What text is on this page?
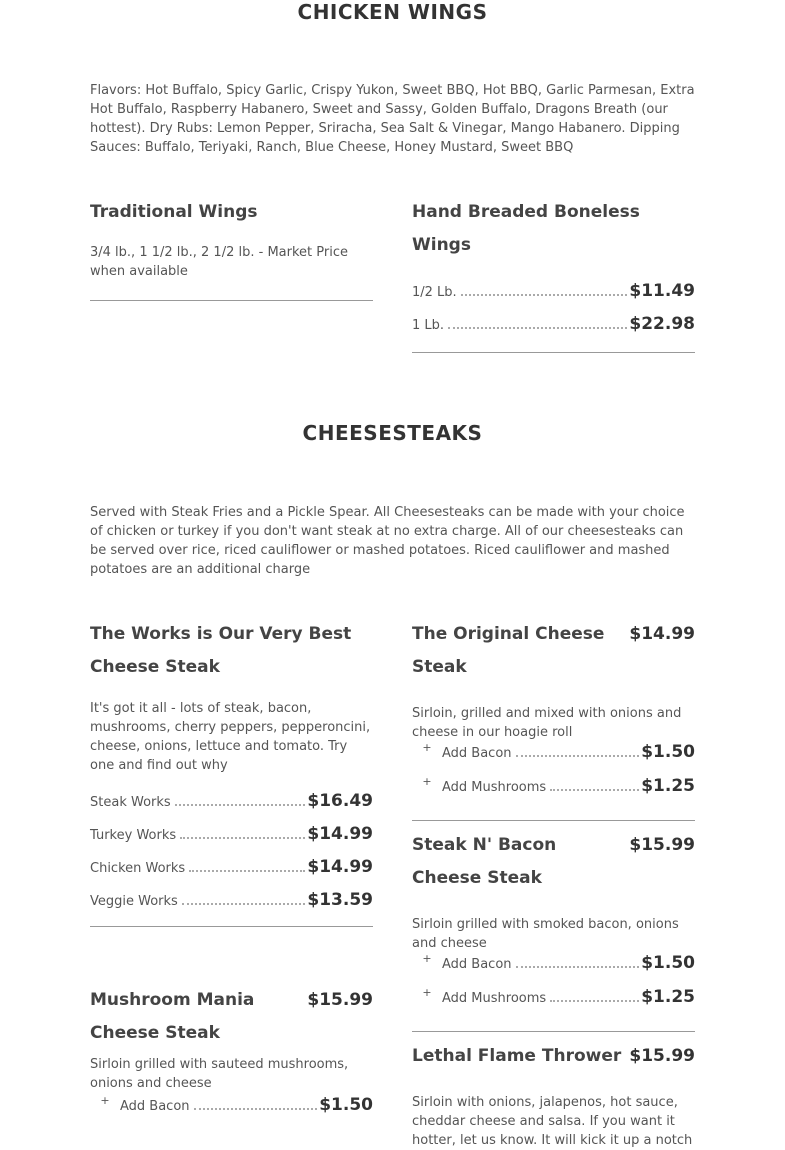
CHICKEN WINGS
Flavors: Hot Buffalo, Spicy Garlic, Crispy Yukon, Sweet BBQ, Hot BBQ, Garlic Parmesan, Extra Hot Buffalo, Raspberry Habanero, Sweet and Sassy, Golden Buffalo, Dragons Breath (our hottest). Dry Rubs: Lemon Pepper, Sriracha, Sea Salt & Vinegar, Mango Habanero. Dipping Sauces: Buffalo, Teriyaki, Ranch, Blue Cheese, Honey Mustard, Sweet BBQ
Traditional Wings
3/4 lb., 1 1/2 lb., 2 1/2 lb. - Market Price when available
Hand Breaded Boneless Wings
1/2 Lb.	$11.49
1 Lb.	$22.98
CHEESESTEAKS
Served with Steak Fries and a Pickle Spear. All Cheesesteaks can be made with your choice of chicken or turkey if you don't want steak at no extra charge. All of our cheesesteaks can be served over rice, riced cauliflower or mashed potatoes. Riced cauliflower and mashed potatoes are an additional charge
The Works is Our Very Best Cheese Steak
It's got it all - lots of steak, bacon, mushrooms, cherry peppers, pepperoncini, cheese, onions, lettuce and tomato. Try one and find out why
Steak Works	$16.49
Turkey Works	$14.99
Chicken Works	$14.99
Veggie Works	$13.59
Mushroom Mania Cheese Steak
$15.99
Sirloin grilled with sauteed mushrooms, onions and cheese
+ Add Bacon	$1.50
The Original Cheese Steak
$14.99
Sirloin, grilled and mixed with onions and cheese in our hoagie roll
+ Add Bacon	$1.50
+ Add Mushrooms	$1.25
Steak N' Bacon Cheese Steak
$15.99
Sirloin grilled with smoked bacon, onions and cheese
+ Add Bacon	$1.50
+ Add Mushrooms	$1.25
Lethal Flame Thrower $15.99
Sirloin with onions, jalapenos, hot sauce, cheddar cheese and salsa. If you want it hotter, let us know. It will kick it up a notch
